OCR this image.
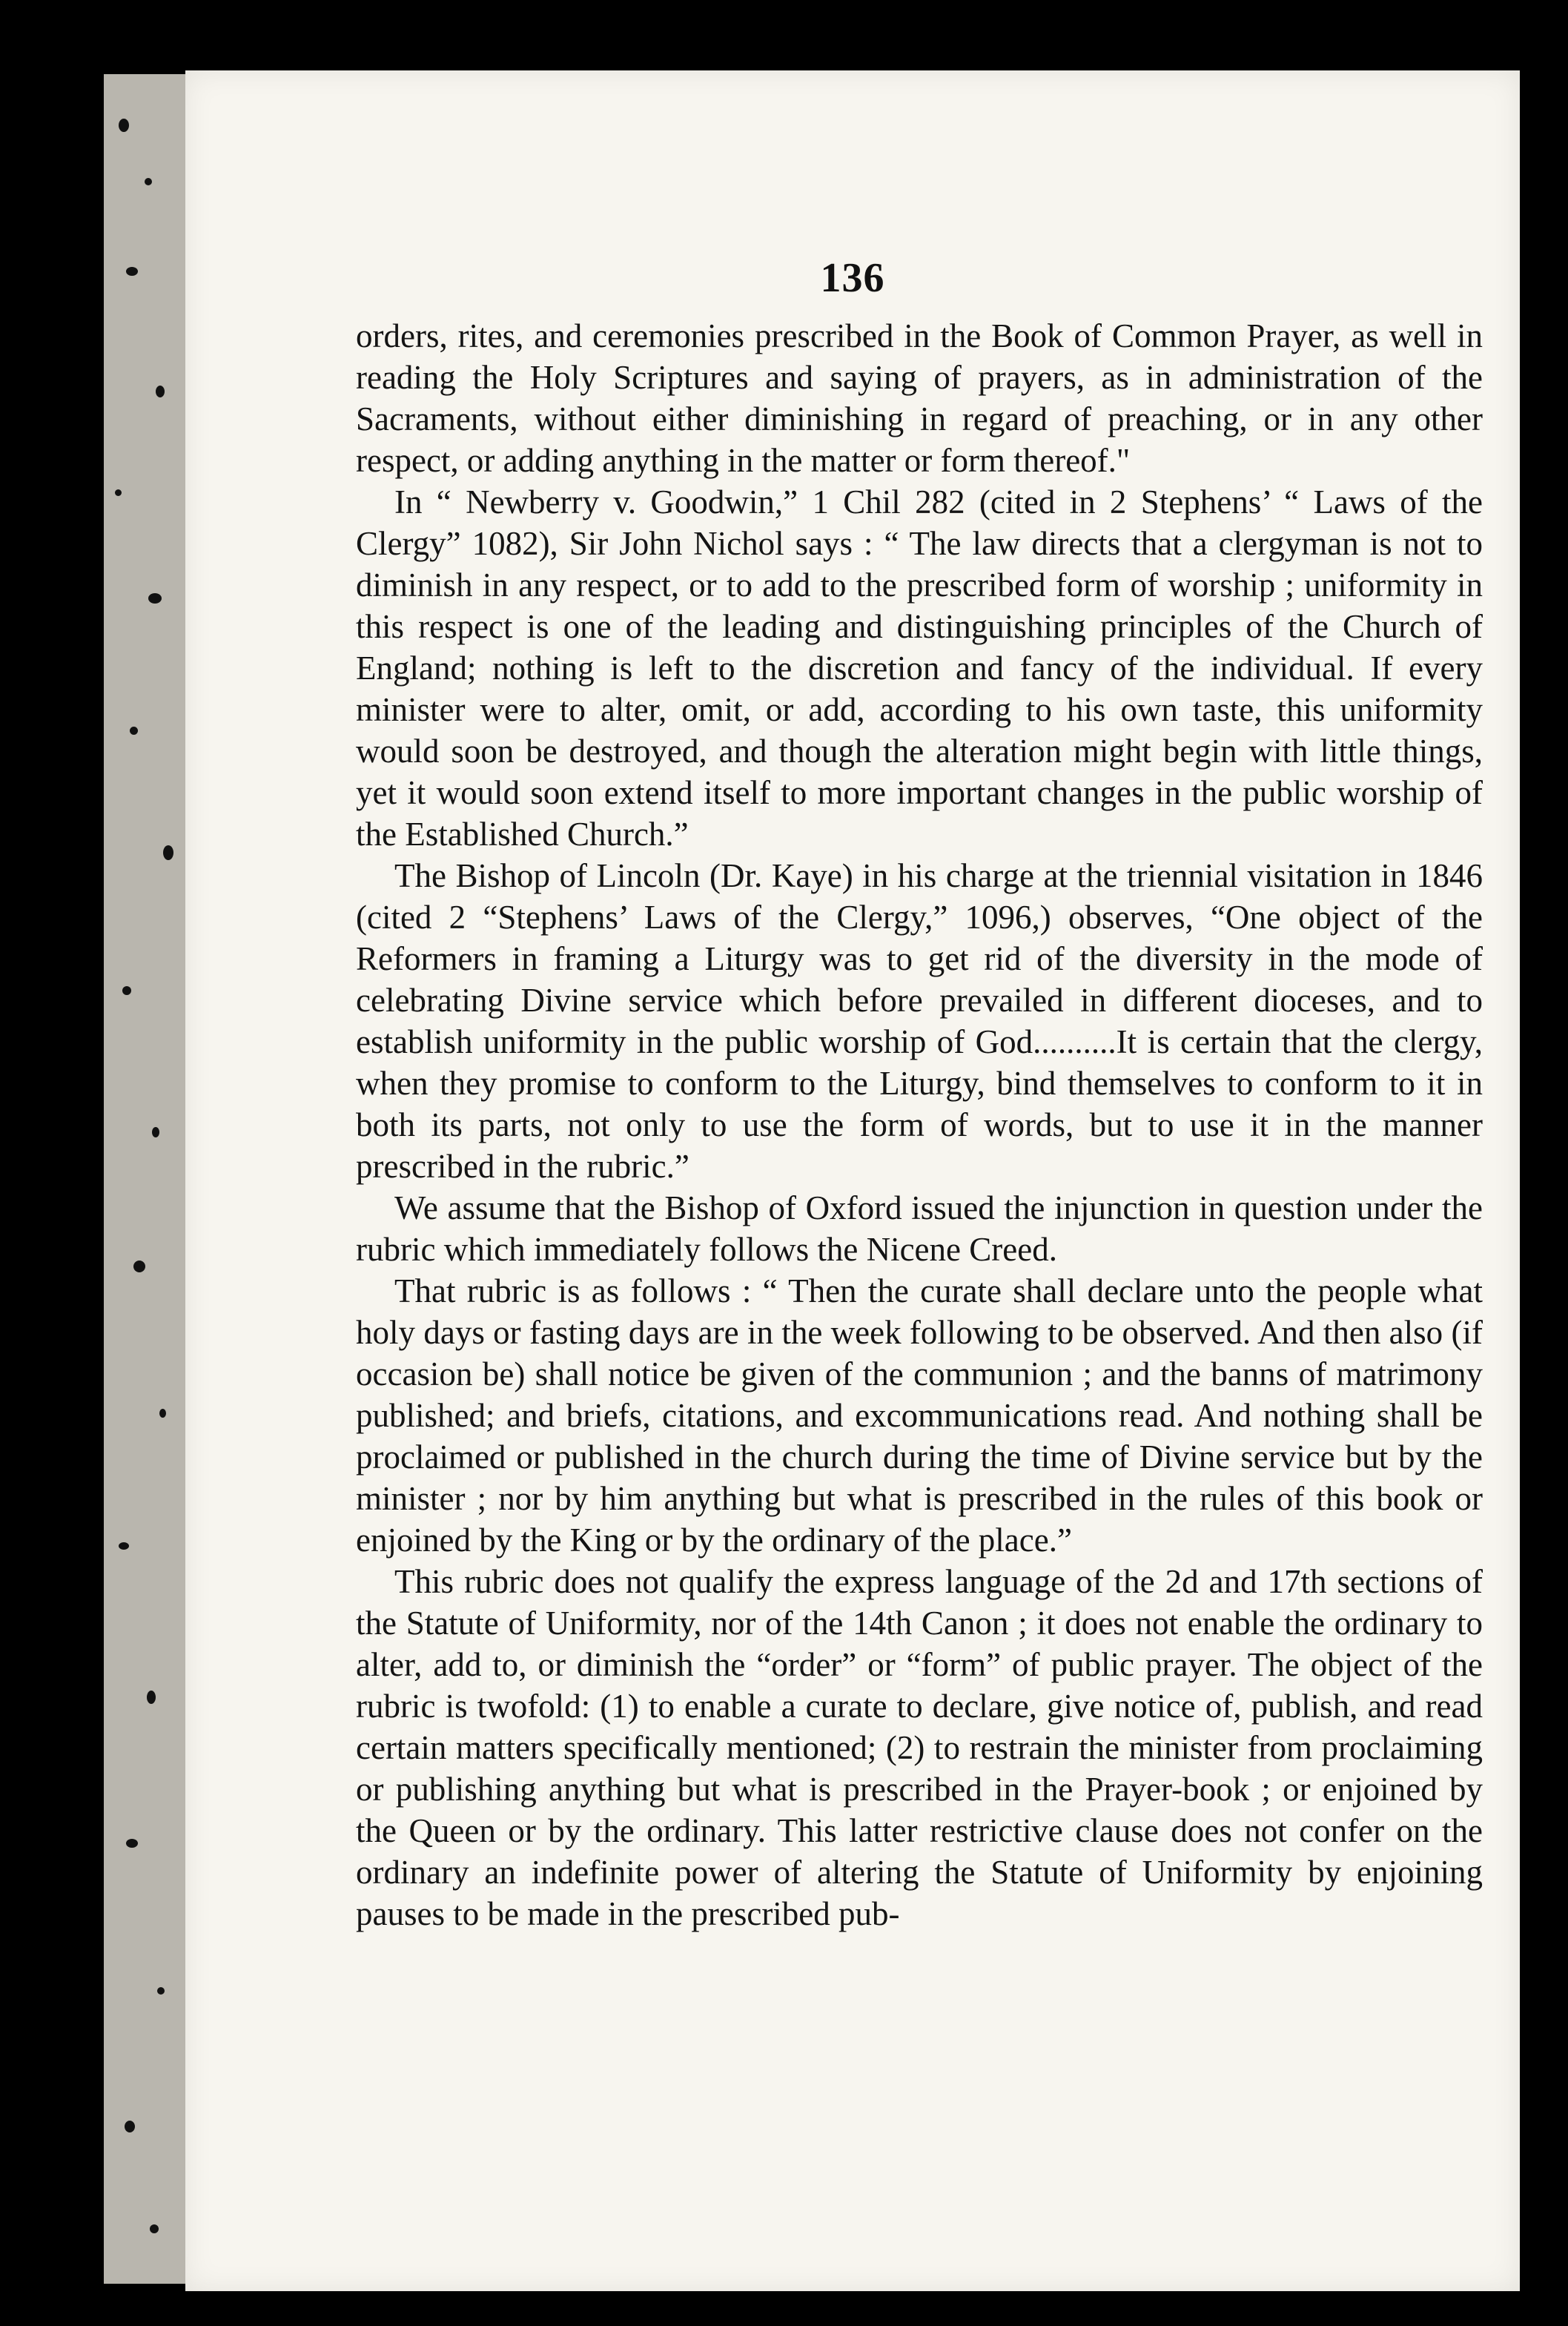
136

orders, rites, and ceremonies prescribed in the Book of Common Prayer, as well in reading the Holy Scriptures and saying of prayers, as in administration of the Sacraments, without either diminishing in regard of preaching, or in any other respect, or adding anything in the matter or form thereof."

In “ Newberry v. Goodwin,” 1 Chil 282 (cited in 2 Stephens’ “ Laws of the Clergy” 1082), Sir John Nichol says : “ The law directs that a clergyman is not to diminish in any respect, or to add to the prescribed form of worship ; uniformity in this respect is one of the leading and distinguishing principles of the Church of England; nothing is left to the discretion and fancy of the individual. If every minister were to alter, omit, or add, according to his own taste, this uniformity would soon be destroyed, and though the alteration might begin with little things, yet it would soon extend itself to more important changes in the public worship of the Established Church.”

The Bishop of Lincoln (Dr. Kaye) in his charge at the triennial visitation in 1846 (cited 2 “Stephens’ Laws of the Clergy,” 1096,) observes, “One object of the Reformers in framing a Liturgy was to get rid of the diversity in the mode of celebrating Divine service which before prevailed in different dioceses, and to establish uniformity in the public worship of God..........It is certain that the clergy, when they promise to conform to the Liturgy, bind themselves to conform to it in both its parts, not only to use the form of words, but to use it in the manner prescribed in the rubric.”

We assume that the Bishop of Oxford issued the injunction in question under the rubric which immediately follows the Nicene Creed.

That rubric is as follows : “ Then the curate shall declare unto the people what holy days or fasting days are in the week following to be observed. And then also (if occasion be) shall notice be given of the communion ; and the banns of matrimony published; and briefs, citations, and excommunications read. And nothing shall be proclaimed or published in the church during the time of Divine service but by the minister ; nor by him anything but what is prescribed in the rules of this book or enjoined by the King or by the ordinary of the place.”

This rubric does not qualify the express language of the 2d and 17th sections of the Statute of Uniformity, nor of the 14th Canon ; it does not enable the ordinary to alter, add to, or diminish the “order” or “form” of public prayer. The object of the rubric is twofold: (1) to enable a curate to declare, give notice of, publish, and read certain matters specifically mentioned; (2) to restrain the minister from proclaiming or publishing anything but what is prescribed in the Prayer-book ; or enjoined by the Queen or by the ordinary. This latter restrictive clause does not confer on the ordinary an indefinite power of altering the Statute of Uniformity by enjoining pauses to be made in the prescribed pub-
